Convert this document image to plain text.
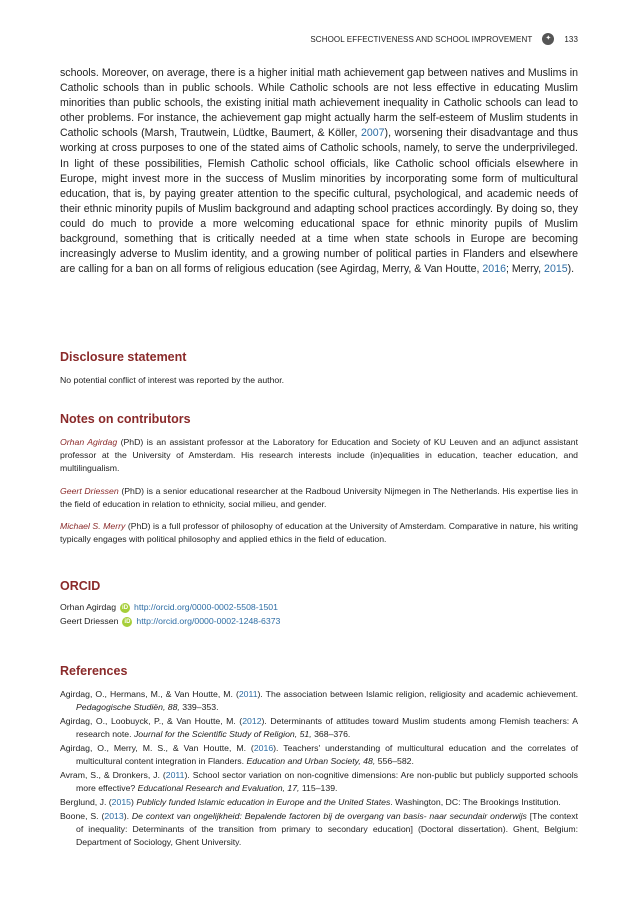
SCHOOL EFFECTIVENESS AND SCHOOL IMPROVEMENT	✦	133

schools. Moreover, on average, there is a higher initial math achievement gap between natives and Muslims in Catholic schools than in public schools. While Catholic schools are not less effective in educating Muslim minorities than public schools, the existing initial math achievement inequality in Catholic schools can lead to other problems. For instance, the achievement gap might actually harm the self-esteem of Muslim students in Catholic schools (Marsh, Trautwein, Lüdtke, Baumert, & Köller, 2007), worsening their disadvantage and thus working at cross purposes to one of the stated aims of Catholic schools, namely, to serve the underprivileged. In light of these possibilities, Flemish Catholic school officials, like Catholic school officials elsewhere in Europe, might invest more in the success of Muslim minorities by incorporating some form of multicultural education, that is, by paying greater attention to the specific cultural, psychological, and academic needs of their ethnic minority pupils of Muslim background and adapting school practices accordingly. By doing so, they could do much to provide a more welcoming educational space for ethnic minority pupils of Muslim background, something that is critically needed at a time when state schools in Europe are becoming increasingly adverse to Muslim identity, and a growing number of political parties in Flanders and elsewhere are calling for a ban on all forms of religious education (see Agirdag, Merry, & Van Houtte, 2016; Merry, 2015).

Disclosure statement

No potential conflict of interest was reported by the author.

Notes on contributors

Orhan Agirdag (PhD) is an assistant professor at the Laboratory for Education and Society of KU Leuven and an adjunct assistant professor at the University of Amsterdam. His research interests include (in)equalities in education, teacher education, and multilingualism.

Geert Driessen (PhD) is a senior educational researcher at the Radboud University Nijmegen in The Netherlands. His expertise lies in the field of education in relation to ethnicity, social milieu, and gender.

Michael S. Merry (PhD) is a full professor of philosophy of education at the University of Amsterdam. Comparative in nature, his writing typically engages with political philosophy and applied ethics in the field of education.

ORCID
Orhan Agirdag	iD http://orcid.org/0000-0002-5508-1501
Geert Driessen	iD http://orcid.org/0000-0002-1248-6373
References
Agirdag, O., Hermans, M., & Van Houtte, M. (2011). The association between Islamic religion, religiosity and academic achievement. Pedagogische Studiën, 88, 339–353.
Agirdag, O., Loobuyck, P., & Van Houtte, M. (2012). Determinants of attitudes toward Muslim students among Flemish teachers: A research note. Journal for the Scientific Study of Religion, 51, 368–376.
Agirdag, O., Merry, M. S., & Van Houtte, M. (2016). Teachers' understanding of multicultural education and the correlates of multicultural content integration in Flanders. Education and Urban Society, 48, 556–582.
Avram, S., & Dronkers, J. (2011). School sector variation on non-cognitive dimensions: Are non-public but publicly supported schools more effective? Educational Research and Evaluation, 17, 115–139.
Berglund, J. (2015) Publicly funded Islamic education in Europe and the United States. Washington, DC: The Brookings Institution.
Boone, S. (2013). De context van ongelijkheid: Bepalende factoren bij de overgang van basis- naar secundair onderwijs [The context of inequality: Determinants of the transition from primary to secondary education] (Doctoral dissertation). Ghent, Belgium: Department of Sociology, Ghent University.
